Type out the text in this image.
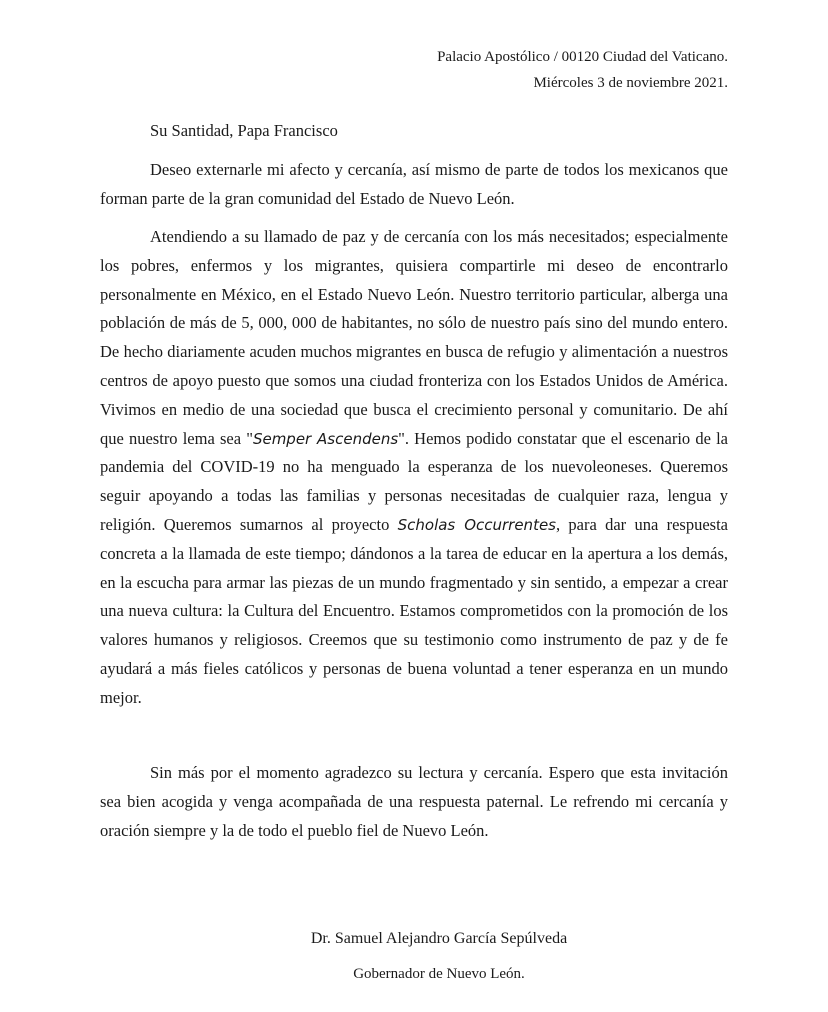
Palacio Apostólico / 00120 Ciudad del Vaticano.
Miércoles 3 de noviembre 2021.
Su Santidad, Papa Francisco

Deseo externarle mi afecto y cercanía, así mismo de parte de todos los mexicanos que forman parte de la gran comunidad del Estado de Nuevo León.

Atendiendo a su llamado de paz y de cercanía con los más necesitados; especialmente los pobres, enfermos y los migrantes, quisiera compartirle mi deseo de encontrarlo personalmente en México, en el Estado Nuevo León. Nuestro territorio particular, alberga una población de más de 5, 000, 000 de habitantes, no sólo de nuestro país sino del mundo entero. De hecho diariamente acuden muchos migrantes en busca de refugio y alimentación a nuestros centros de apoyo puesto que somos una ciudad fronteriza con los Estados Unidos de América. Vivimos en medio de una sociedad que busca el crecimiento personal y comunitario. De ahí que nuestro lema sea "Semper Ascendens". Hemos podido constatar que el escenario de la pandemia del COVID-19 no ha menguado la esperanza de los nuevoleoneses. Queremos seguir apoyando a todas las familias y personas necesitadas de cualquier raza, lengua y religión. Queremos sumarnos al proyecto Scholas Occurrentes, para dar una respuesta concreta a la llamada de este tiempo; dándonos a la tarea de educar en la apertura a los demás, en la escucha para armar las piezas de un mundo fragmentado y sin sentido, a empezar a crear una nueva cultura: la Cultura del Encuentro. Estamos comprometidos con la promoción de los valores humanos y religiosos. Creemos que su testimonio como instrumento de paz y de fe ayudará a más fieles católicos y personas de buena voluntad a tener esperanza en un mundo mejor.

Sin más por el momento agradezco su lectura y cercanía. Espero que esta invitación sea bien acogida y venga acompañada de una respuesta paternal. Le refrendo mi cercanía y oración siempre y la de todo el pueblo fiel de Nuevo León.

Dr. Samuel Alejandro García Sepúlveda
Gobernador de Nuevo León.
